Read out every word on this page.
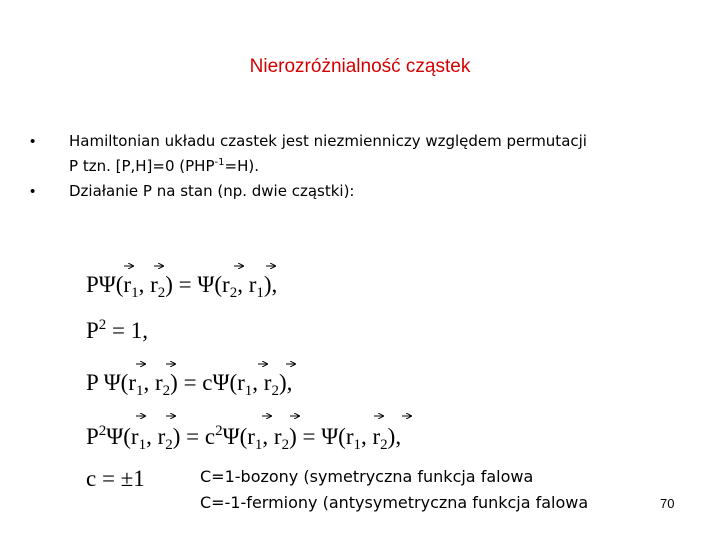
Nierozróżnialność cząstek
•	Hamiltonian układu czastek jest niezmienniczy względem permutacji
P tzn. [P,H]=0 $(PHP^{-1}=H)$.
•	Działanie P na stan (np. dwie cząstki):
$P\Psi(r_1$, $r_2) = \Psi(r_2$, $r_1$),
$P^2 = 1$,
P $\Psi(r_1$, $r_2) = c\Psi(r_1$, $r_2$),
$P^2\Psi(r_1$, $r_2) = c^2\Psi(r_1$, $r_2) = \Psi(r_1$, $r_2$),
c = ±1	C=1-bozony (symetryczna funkcja falowa
C=-1-fermiony (antysymetryczna funkcja falowa	70
